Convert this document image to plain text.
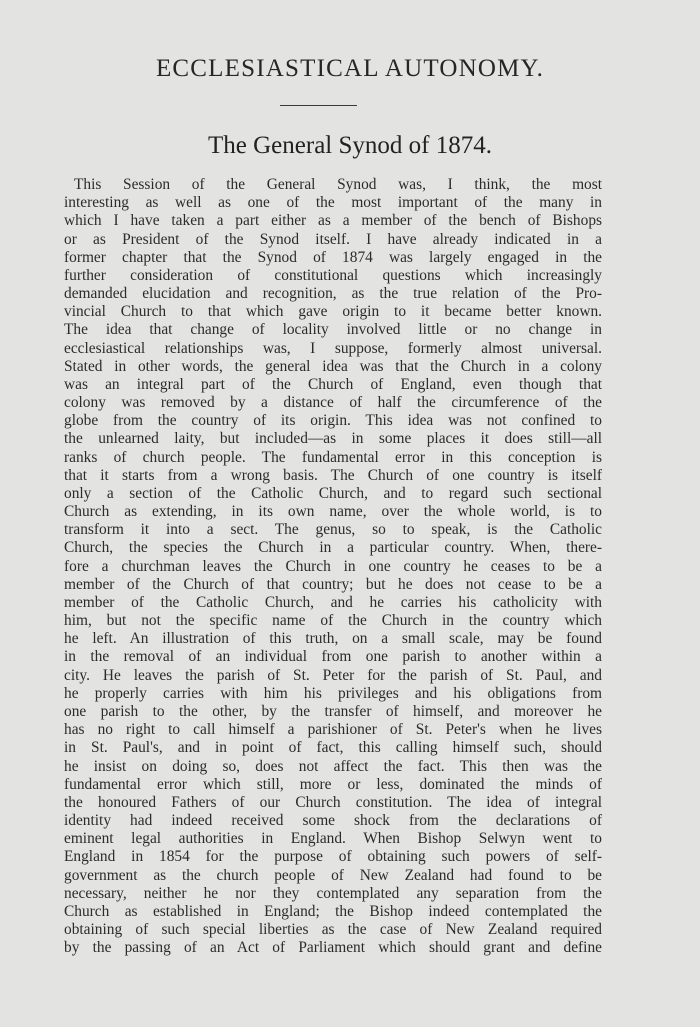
ECCLESIASTICAL AUTONOMY.
The General Synod of 1874.
This Session of the General Synod was, I think, the most
interesting as well as one of the most important of the many in
which I have taken a part either as a member of the bench of Bishops
or as President of the Synod itself. I have already indicated in a
former chapter that the Synod of 1874 was largely engaged in the
further consideration of constitutional questions which increasingly
demanded elucidation and recognition, as the true relation of the Pro-
vincial Church to that which gave origin to it became better known.
The idea that change of locality involved little or no change in
ecclesiastical relationships was, I suppose, formerly almost universal.
Stated in other words, the general idea was that the Church in a colony
was an integral part of the Church of England, even though that
colony was removed by a distance of half the circumference of the
globe from the country of its origin. This idea was not confined to
the unlearned laity, but included—as in some places it does still—all
ranks of church people. The fundamental error in this conception is
that it starts from a wrong basis. The Church of one country is itself
only a section of the Catholic Church, and to regard such sectional
Church as extending, in its own name, over the whole world, is to
transform it into a sect. The genus, so to speak, is the Catholic
Church, the species the Church in a particular country. When, there-
fore a churchman leaves the Church in one country he ceases to be a
member of the Church of that country; but he does not cease to be a
member of the Catholic Church, and he carries his catholicity with
him, but not the specific name of the Church in the country which
he left. An illustration of this truth, on a small scale, may be found
in the removal of an individual from one parish to another within a
city. He leaves the parish of St. Peter for the parish of St. Paul, and
he properly carries with him his privileges and his obligations from
one parish to the other, by the transfer of himself, and moreover he
has no right to call himself a parishioner of St. Peter's when he lives
in St. Paul's, and in point of fact, this calling himself such, should
he insist on doing so, does not affect the fact. This then was the
fundamental error which still, more or less, dominated the minds of
the honoured Fathers of our Church constitution. The idea of integral
identity had indeed received some shock from the declarations of
eminent legal authorities in England. When Bishop Selwyn went to
England in 1854 for the purpose of obtaining such powers of self-
government as the church people of New Zealand had found to be
necessary, neither he nor they contemplated any separation from the
Church as established in England; the Bishop indeed contemplated the
obtaining of such special liberties as the case of New Zealand required
by the passing of an Act of Parliament which should grant and define
